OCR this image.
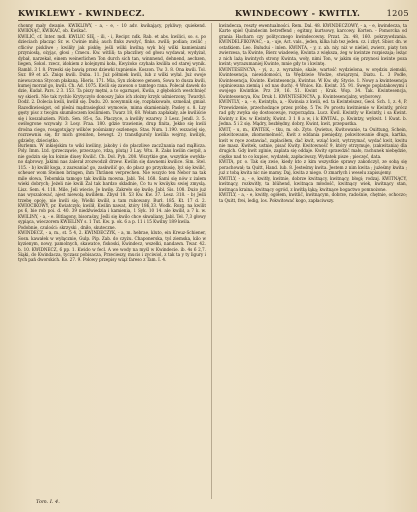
KWIKLEWY - KWINDECZ.	KWINDECOWY - KWITLY.	1205

chonny mały dwanie. KWIKLIWY, - a, - e, - 10 adv. kwikający, pykliwy; quiekend. KWIKNĄĆ, KWIKAĆ, ob. Kwikać.

KWILIĆ, cf. Inter. mdl. KWILIC SIĘ, - ili, - i, Recipr. ndk. Rab. et abs. kwilici, so. s. po dzieciach płacząc Sr. w. Cwinie mihi; auch finks zwożyć, finks. zwilli; podian; zwilić ; cfliców piskliwe ; kwiliły jak pisklę; jeśli wilki kwilną wyk bój wilki kamieniami przyniosłą, ożyjąc, głosi ; Cmecu. Kw. witlili; ta płaczliwy od głosu wydawał, wydyżał, dybał, narzekał, einem weinerlichen Ton durch sich tan, winnnend, dehnend, aechzen, liegen, Sokol. rzecz, idokiem z kolejnymi koła, Kwyżoko czyhała kwiliła od starej wynik. Rambl. 3 1 8. Przeski się bawią przez dziewki tupnienie. Koszon. Tw. 3. 8. Ona kwili. Tol. Sur. 89 et a5. Zniqs kwili. Duba. 11. Już półmiek kwili, lub z wilki wyłal. Już swoje niewuczona Stycom płakaną. Hieris. 171. Mia, Syn zlokowe gensen, Sowa to dusza kwili, kumej morzał go, kwili. Ch. Ad. 1075. Kwili się zawson o tamtego rana. Polecał dawek do dzie, Kudał. Pars. 2 3. 153. Ta piszy mętni, a to ogarnąwi, Kwila, z głębokich westchnięć wy skierli. Nie tak rychlo Krytyczyło donoszy Jako ich złożny krzyk uśmierzony, Twardyl. Dodź. 2. Dolecia kwili, kwilił się. Dudu. 20. nowymnik się, rozpłakowało, szmeliał, gmiał. Razodkwiesigot, od pleśni mądrasiegkoż wymowie, mima skamieniały. Pasley s. 8. Łzy gęsty pisc z twojim skumiłoczem kwilimiem. Twarz 18, 68. Wołam zapłakały, ale kwiliście się i koszaluziem. Pilch. Sen. 85-s, 5a. Płaczyce, a kwiliły wzarwy. 3 Lesz. Jendl. 3. 5. owiłogrone wzywały. 3 Losy. Fraa. 180. gdzie trawienie, drup finita, Jekko się kwili drośna ciego, rosągotujący wilków pośsniamy oszlenego. Stas. Num. 1.190. wszaciej się, rozrzewniu się, fir mich greniten, bewegt. 2) transfiguroly kwilila wejrny, kwiliyk, gdzieby, dzieciętko.

Burlemn. W inkiejskim to wiki kwiliny, jakoby i do płaczliwe zacz2nania nad mąBicza. Poly. Imm. Ltd. (przecząwie, przecząco, rdzą, plutą) 3 Lay. Wtu. R. Zaks kwilin cierpił, a nie godzin się ku łożnie diuey Kwilić. Ch. Dol. Pyb. 208. Wszytkie gne, wszytkie owykła-no dąbrowy, Jakimi nas żalerał zrozwodził drzew. Kwilin się dawnemi kwilice. Sim. Stel. 115. - b) kwilił koga, z zazwaniać go, zaskwilić go, do płacz go przyzkusię, lyż się kwilić, scheuer wom Steinen bringen, ihm Thränen verprechen. Nie wszyżo ten Nebor na tak mile słowa, Tebomkia tamogo tak kwilila mowna. Jabl. Tel. 168. Sami się nów z żalem wieki dobrych; Jeżeli nie kwili Żal tak bardzo składnie, Co tu w kwiiyku swiej zmyslą. Lisz. Sem. 4. 118. Mile, Jeli wiecie, Je kwilę. Zakreło się kwilę. Jabl. Sis. 108. Dużo już nas wyszalować, ajest niewolą kwiliłem. Zbysł 18. 53 Kw. Kw. 37. Lesz. 318. - b) Jeśli trzebę opoję, nie kwili się, Wielki kwilił, a tam rukowany. Burł. 185. Kt. 17 d. 2. KWIOCIKOWY, pr. Kwiatczyk; kwilił, Kwilin nawat, który 186,33. Wodk. Rozg. na kwilit ps 6, bie rob poi. d. 40. 39 niedźwiedzia i kamienia, 1 Syk. 10 14. ale kwilił, a 7 k. w. KWILINY, - a, - e. Bitlagony, bisoraśny, Jeśli się kwilo chce skwaliany, Jabl. Tel. 7,3 głowy sypiąca, wieczorem KWIELINY s. 1 Tut. Kw. p. ok. 6 a p. 11 i 15 Kwilny 189 kwila.

Podobnie, czulości: skrzyski , dniło, skuteczne.

KWINDECZ, - a, m., st. 5 4, 2. KWINDECZYK, - a, m. hebrae, kluto, ein Kreuz-Schiener, Sosn. kawałek w wyłącznie, Gulp. Pip. Zab. do czyżu. Chaponerska, tyś ziemska, kilo w kyzienym, nowy, pamolnych, skawatce, fiskoski, Kwindecz, wszelki, nandawn. Twar. 42. b. 10. KWIDNECZ, 6 pp. 1. Kwido w fecl. A we wody na myśl w Kwindecie. ib. 4s 6 2,7. Siąki, do Kwindacza, tyczasz pobisacza, Przecieszy, mucis i zyciwiol, z tak ta y ty ligury i tych pań dworskich. Ko. 27. 9. Polowy przepisy wiąż fareso z Tam. I. 4.

kwindecza, reszty ewentualności. Rem. Dal. 48. KWINDECZOWY, - a, - e, kwindecza, ta Karte spiel Quindecim betreffend ; egitmy, kurtsowy, karcowy. Korten. - Pomorcka od grania Hacharn czy politycznego kwindecowny. Przat. 2x. 48, 160. pokrzywdzania. KWINDELFIKOWAĆ, - a, - uje, Act. vals., jeden, kilka lub tez jeden. cz. i zbyt. Sbior. dn. w ostatkiem. Leo. Bułudui - inlen. KWINTA, - y, z. ab. niy. niż w nieliel, zwierz, piaty ton zwierzesa, ta Kwinte, Bierz wiadewię, Kwinta z większa, żeg w kwintze rozpiezaja; leżąc z nich lażą kwintych strony Kwinta, woły, nimi Ton, w jakim się przynosi kwinte poza kwint; wyrazumaniej Kwinte, mnie gdy to i kwintę.

KWINTESENCYA, - yi, z., z. wyraźnie, skale, wartość wydzielona, w orędziu ziemski, Kwintesencja, niewidomości, ta Wędziwie Wodze, stwiąrzyni, Diatu. Ł. 3 Podłe, Kwintesencja, Kwinte. Kwintesencja, Kwintus. W Kw. sły. Stycie. 1. Nowy a kwintesencja (opiniowana ziemią i od nas duch). 4 Wnios. Kn. Kwint. 35. 91. Swego poplatakowymi i swojego Kwintkie. Prz 29, 16. 51. Kwint ; Krak. Wsp. 34. Tak. Kwintesencja, Kwintessencya, Kw. Druk 1. KWINTESENCYA, p. Kwintesencjalny, wyborowy.

KWINTLY, - a, - e, Kwintyła, a, - Kwinsia z kwili, ed. ta Kwintelszez, Geol. Sch. 1, z. 4, P. Przewidzenie, przechodzące przez próbę. 5 Tw. Po prostu kwitnienie w Kwintly, prócz rad gdy zwyka się dostosowuje, rozporządza. Lucz. Kwil. Kwintly w Kwintly, i sa Kwint. Kwinty z Kw. w Kwintly, Kwint. 3 1 8 a w, i k KWITAL, p. Kwintzy, wykwit. 1 Kwat. b. Jedna. 5 i 2 się. Mądry, bezbłędny, dobry, Kwint, kwit, przepustka.

KWIT, - u, m., KWITEK, - tku, m. ob. Zyto. Qwietus, Kwitowanie, ta Ouittung, Schein, pokwitowanie, zkomomelność, Kwit z oddania pieniędzy, pokwitowanie długu, kartka, kwit w ręce zostawiać, zapłaciłem, dać kwit, wziąć kwit, wytrzymać, wydać kwit, kwitu nie masz. Kwitek, ustnie, pisać Kwity. Kwitowność 9, który otrzymuje, (zakwitania) dla drugich. Gdy kwit zginie, zaplata się oddaje. Kwity sprawdzić mało, rachunek niebędzie, ciężko nad to co kupiec, wydatek, zapłaciwszy, Wydatek pisze ; pieczęć, data.

KWITA, pr. o. Tak się zwie, kiedy kto z kim wszystkie sprawy zakończył, ze sobą się porachował; ta Quitt, Hand. lub. 8. Jesteśmy kwita. Jestem z nim kwita ; jużeśmy kwita ; już z tobą kwita nic nie mamy. Daj, kwita z niego. O zmarłych i weselu zapisujemy.

KWITLY, - a, - e, kwitły, kwitnie, dobrze kwitnący, kwitnący, błogi; rodzaj. KWITNĄCY, kwitnący, rozkwitły, ta blühend, kwitnąca młodość, kwitnący wiek, kwitnący stan, kwitnąca kraina, kwitnący ogród, z kwitłą łąką; kwitnące bogactwo pomnożone.

KWITLY, - a, - e, kwitły, ogółem, kwitlić, kwitnącym, dobrze, radośnie, chętnie, ochoczo; ta Quitt, frei, ledig, los. Pokwitować kogo, zapłaciwszy.

Tom. I. 4.
